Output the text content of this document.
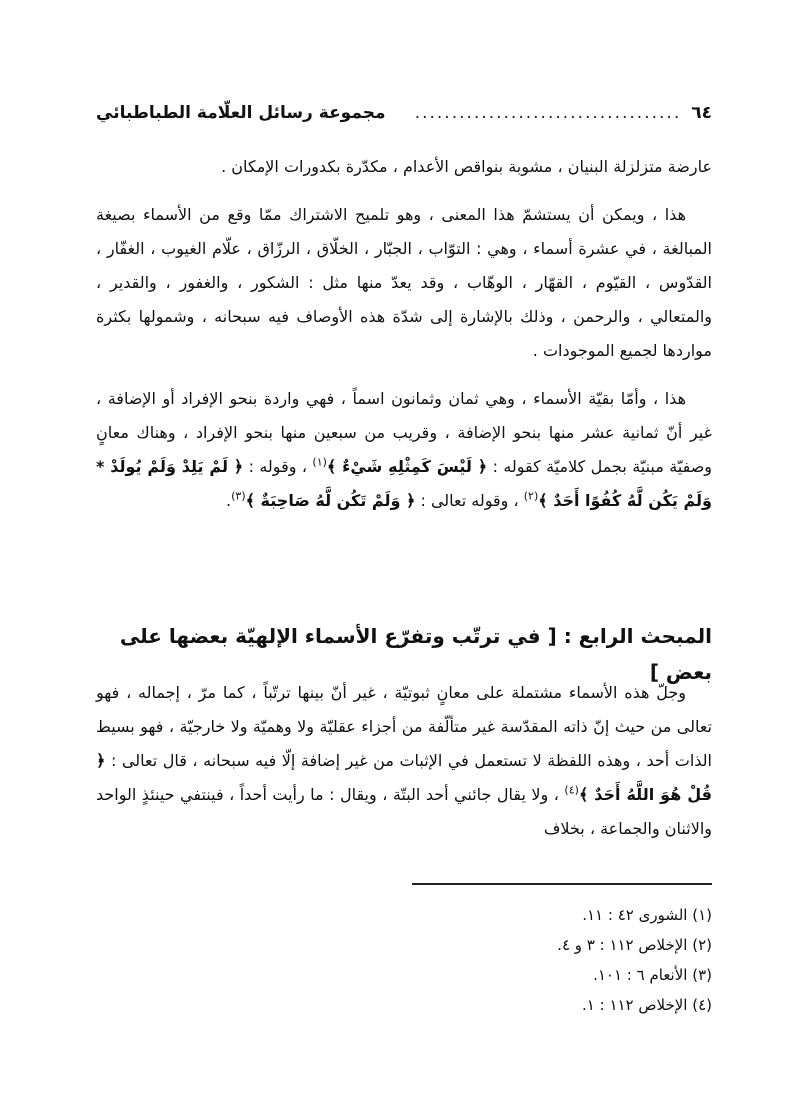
٦٤
....................................
مجموعة رسائل العلّامة الطباطبائي

عارضة متزلزلة البنيان ، مشوبة بنواقص الأعدام ، مكدّرة بكدورات الإمكان .

هذا ، ويمكن أن يستشمّ هذا المعنى ، وهو تلميح الاشتراك ممّا وقع من الأسماء بصيغة المبالغة ، في عشرة أسماء ، وهي : التوّاب ، الجبّار ، الخلّاق ، الرزّاق ، علّام الغيوب ، الغفّار ، القدّوس ، القيّوم ، القهّار ، الوهّاب ، وقد يعدّ منها مثل : الشكور ، والغفور ، والقدير ، والمتعالي ، والرحمن ، وذلك بالإشارة إلى شدّة هذه الأوصاف فيه سبحانه ، وشمولها بكثرة مواردها لجميع الموجودات .

هذا ، وأمّا بقيّة الأسماء ، وهي ثمان وثمانون اسماً ، فهي واردة بنحو الإفراد أو الإضافة ، غير أنّ ثمانية عشر منها بنحو الإضافة ، وقريب من سبعين منها بنحو الإفراد ، وهناك معانٍ وصفيّة مبنيّة بجمل كلاميّة كقوله : ﴿ لَيْسَ كَمِثْلِهِ شَيْءٌ ﴾$^{(١)}$ ، وقوله : ﴿ لَمْ يَلِدْ وَلَمْ يُولَدْ * وَلَمْ يَكُن لَّهُ كُفُوًا أَحَدٌ ﴾$^{(٢)}$ ، وقوله تعالى : ﴿ وَلَمْ تَكُن لَّهُ صَاحِبَةٌ ﴾$^{(٣)}$.

المبحث الرابع : [ في ترتّب وتفرّع الأسماء الإلهيّة بعضها على بعض ]

وجلّ هذه الأسماء مشتملة على معانٍ ثبوتيّة ، غير أنّ بينها ترتّباً ، كما مرّ ، إجماله ، فهو تعالى من حيث إنّ ذاته المقدّسة غير متألّفة من أجزاء عقليّة ولا وهميّة ولا خارجيّة ، فهو بسيط الذات أحد ، وهذه اللفظة لا تستعمل في الإثبات من غير إضافة إلّا فيه سبحانه ، قال تعالى : ﴿ قُلْ هُوَ اللَّهُ أَحَدٌ ﴾$^{(٤)}$ ، ولا يقال جائني أحد البتّة ، ويقال : ما رأيت أحداً ، فينتفي حينئذٍ الواحد والاثنان والجماعة ، بخلاف

(١) الشورى ٤٢ : ١١.
(٢) الإخلاص ١١٢ : ٣ و ٤.
(٣) الأنعام ٦ : ١٠١.
(٤) الإخلاص ١١٢ : ١.
